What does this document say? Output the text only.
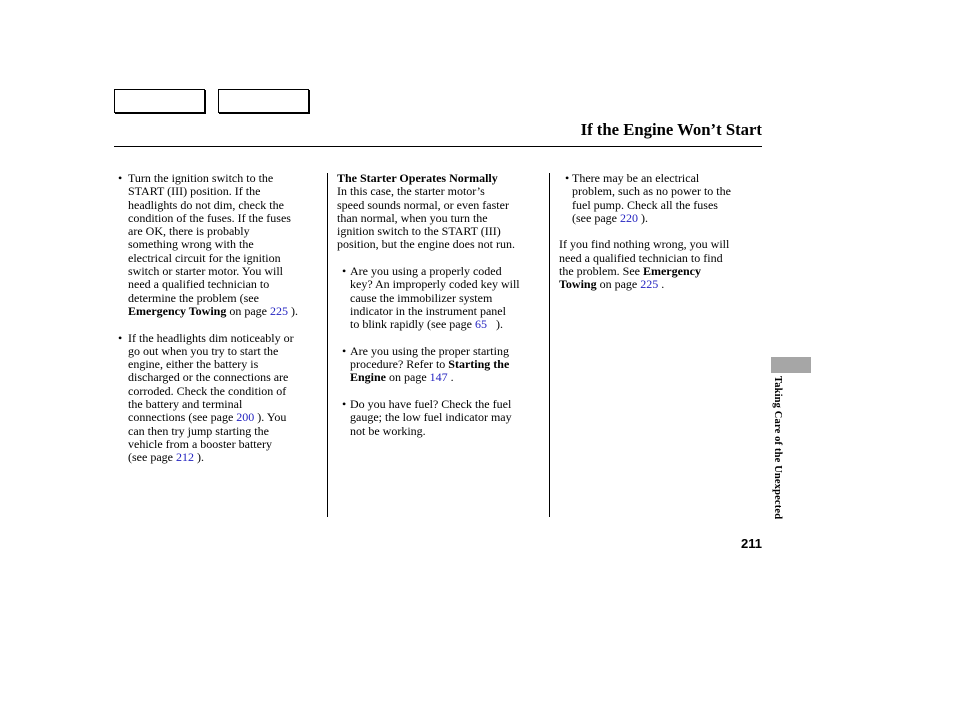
If the Engine Won’t Start
• Turn the ignition switch to the
START (III) position. If the
headlights do not dim, check the
condition of the fuses. If the fuses
are OK, there is probably
something wrong with the
electrical circuit for the ignition
switch or starter motor. You will
need a qualified technician to
determine the problem (see
Emergency Towing on page 225 ).
• If the headlights dim noticeably or
go out when you try to start the
engine, either the battery is
discharged or the connections are
corroded. Check the condition of
the battery and terminal
connections (see page 200 ). You
can then try jump starting the
vehicle from a booster battery
(see page 212 ).
The Starter Operates Normally
In this case, the starter motor’s
speed sounds normal, or even faster
than normal, when you turn the
ignition switch to the START (III)
position, but the engine does not run.
• Are you using a properly coded
key? An improperly coded key will
cause the immobilizer system
indicator in the instrument panel
to blink rapidly (see page 65   ).
• Are you using the proper starting
procedure? Refer to Starting the
Engine on page 147 .
• Do you have fuel? Check the fuel
gauge; the low fuel indicator may
not be working.
• There may be an electrical
problem, such as no power to the
fuel pump. Check all the fuses
(see page 220 ).
If you find nothing wrong, you will
need a qualified technician to find
the problem. See Emergency
Towing on page 225 .
Taking Care of the Unexpected
211
